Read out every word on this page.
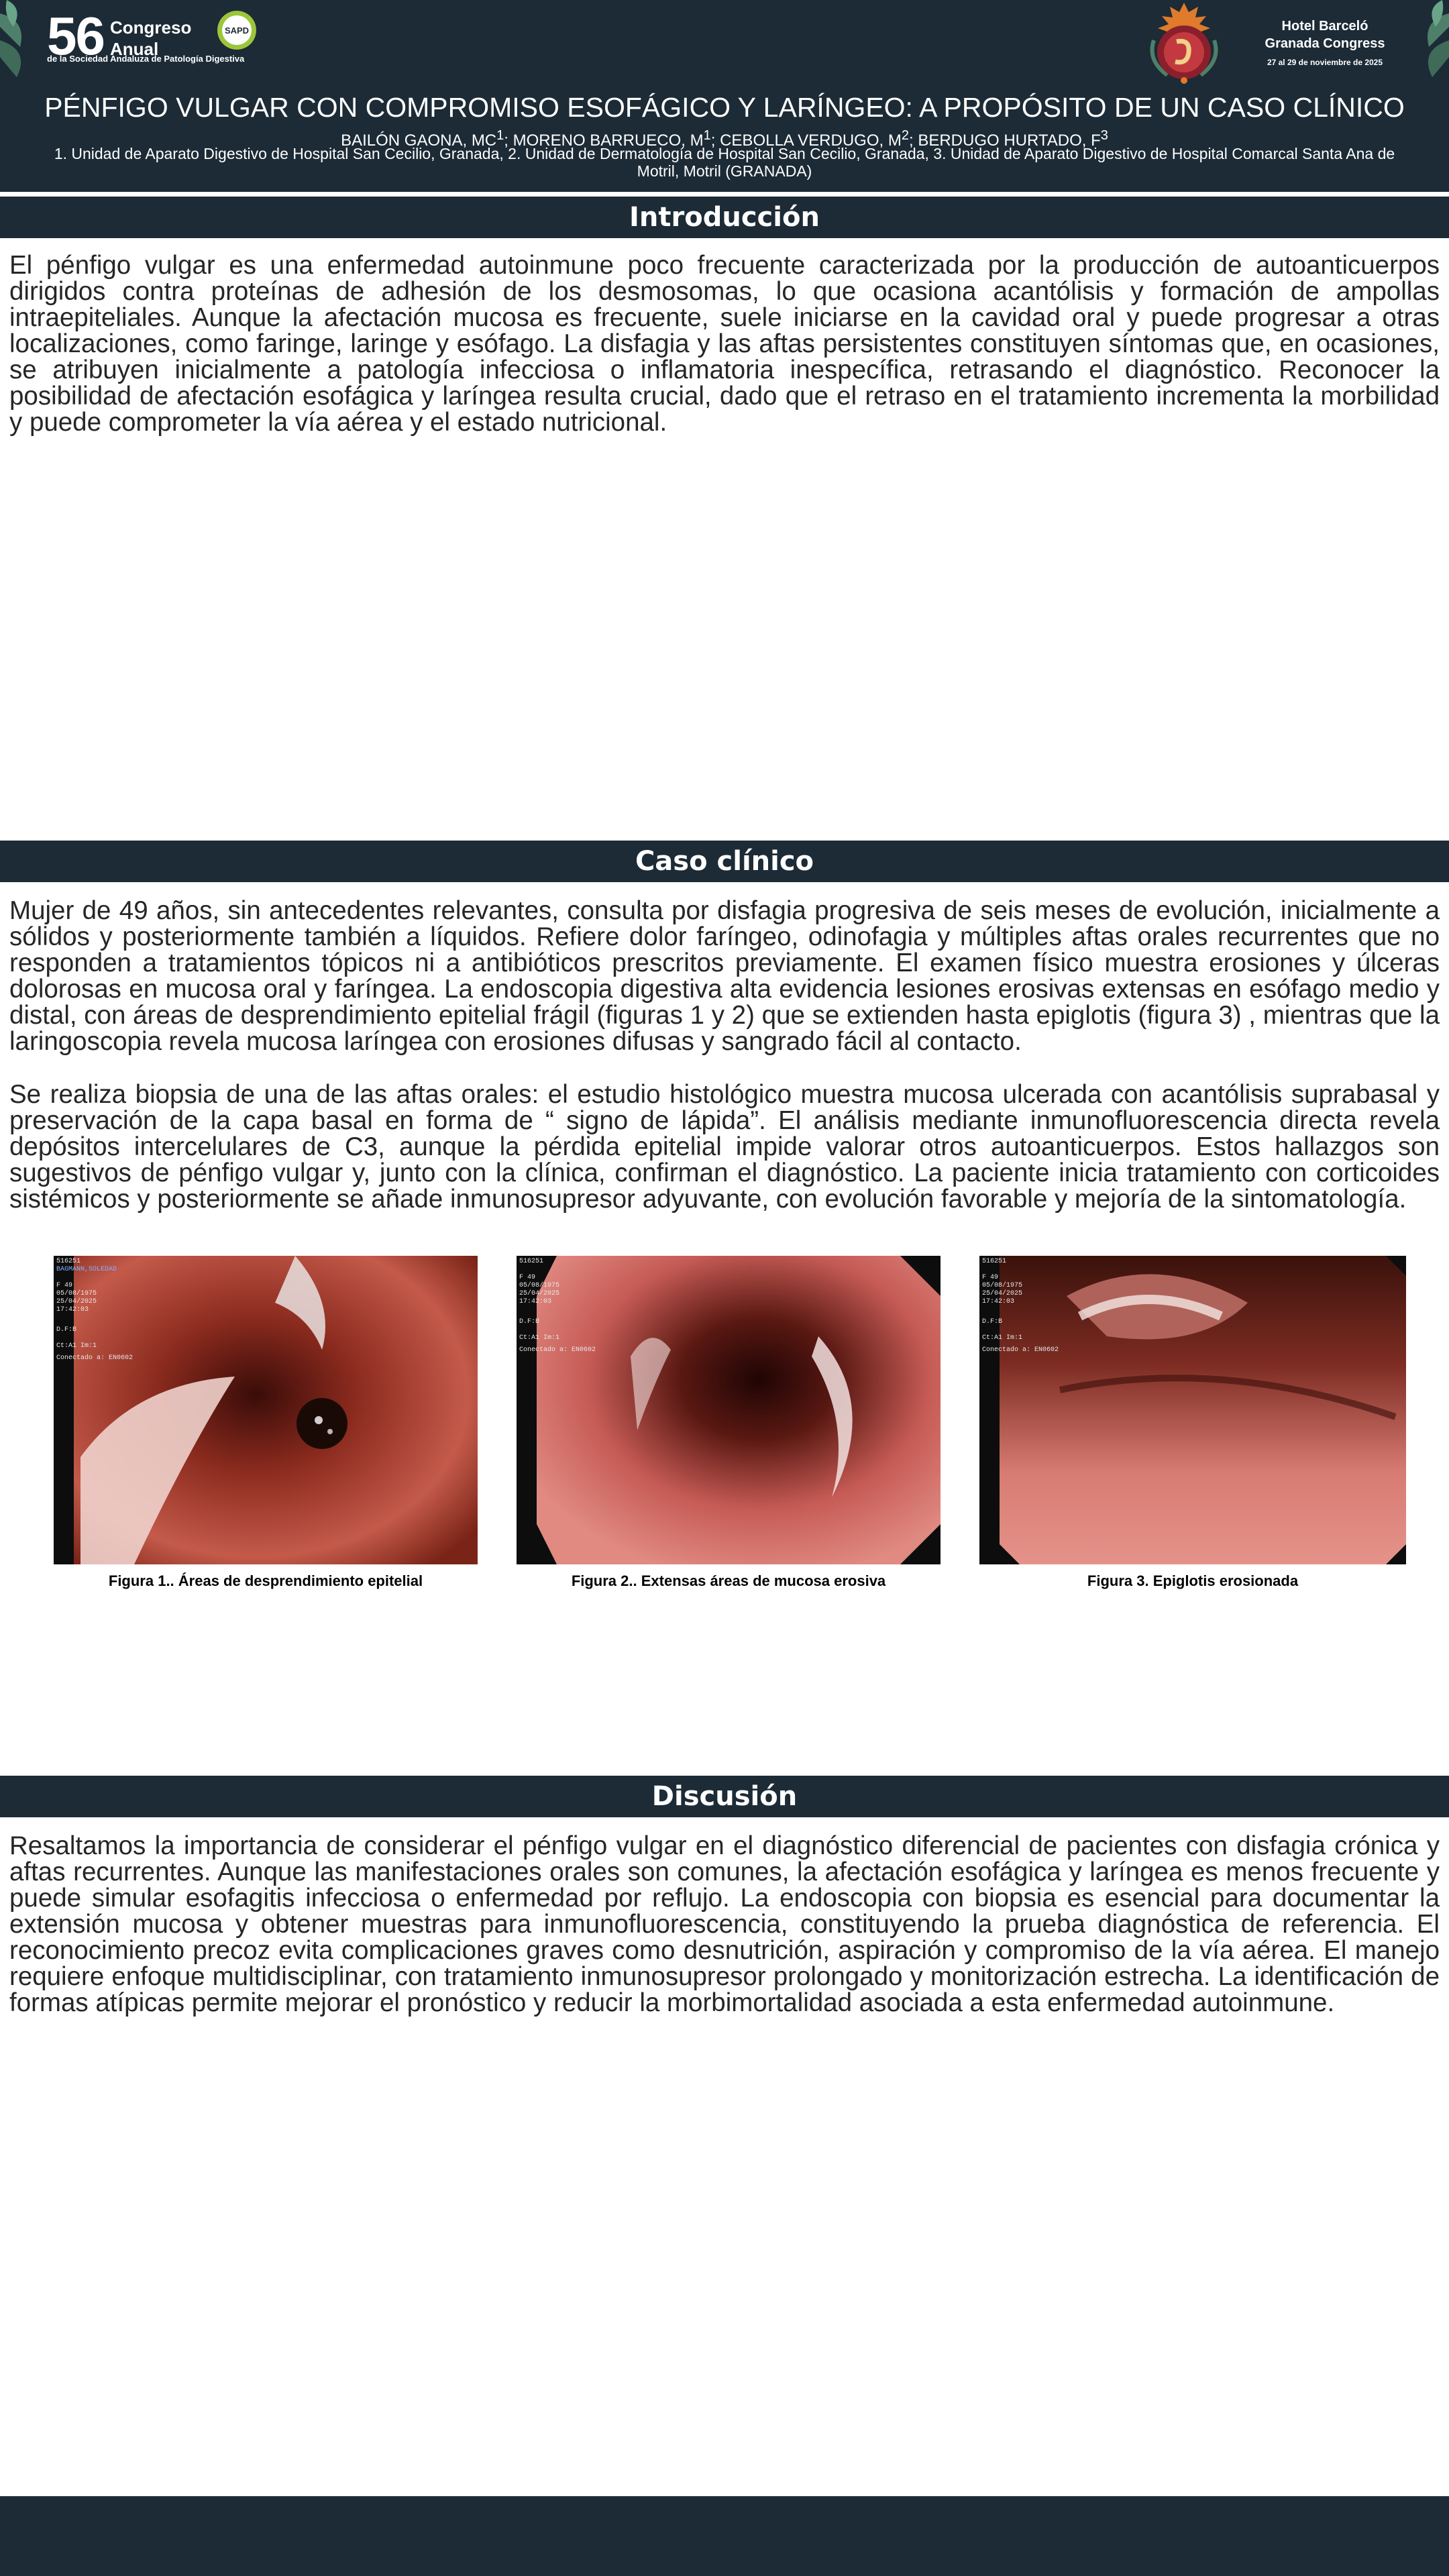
56 Congreso
Anual
de la Sociedad Andaluza de Patología Digestiva
SAPD	Hotel Barceló
Granada Congress
27 al 29 de noviembre de 2025
PÉNFIGO VULGAR CON COMPROMISO ESOFÁGICO Y LARÍNGEO: A PROPÓSITO DE UN CASO CLÍNICO
BAILÓN GAONA, $MC^1$; MORENO BARRUECO, $M^1$; CEBOLLA VERDUGO, $M^2$; BERDUGO HURTADO, $F^3$
1. Unidad de Aparato Digestivo de Hospital San Cecilio, Granada, 2. Unidad de Dermatología de Hospital San Cecilio, Granada, 3. Unidad de Aparato Digestivo de Hospital Comarcal Santa Ana de Motril, Motril (GRANADA)
Introducción

El pénfigo vulgar es una enfermedad autoinmune poco frecuente caracterizada por la producción de autoanticuerpos dirigidos contra proteínas de adhesión de los desmosomas, lo que ocasiona acantólisis y formación de ampollas intraepiteliales. Aunque la afectación mucosa es frecuente, suele iniciarse en la cavidad oral y puede progresar a otras localizaciones, como faringe, laringe y esófago. La disfagia y las aftas persistentes constituyen síntomas que, en ocasiones, se atribuyen inicialmente a patología infecciosa o inflamatoria inespecífica, retrasando el diagnóstico. Reconocer la posibilidad de afectación esofágica y laríngea resulta crucial, dado que el retraso en el tratamiento incrementa la morbilidad y puede comprometer la vía aérea y el estado nutricional.

Caso clínico

Mujer de 49 años, sin antecedentes relevantes, consulta por disfagia progresiva de seis meses de evolución, inicialmente a sólidos y posteriormente también a líquidos. Refiere dolor faríngeo, odinofagia y múltiples aftas orales recurrentes que no responden a tratamientos tópicos ni a antibióticos prescritos previamente. El examen físico muestra erosiones y úlceras dolorosas en mucosa oral y faríngea. La endoscopia digestiva alta evidencia lesiones erosivas extensas en esófago medio y distal, con áreas de desprendimiento epitelial frágil (figuras 1 y 2) que se extienden hasta epiglotis (figura 3) , mientras que la laringoscopia revela mucosa laríngea con erosiones difusas y sangrado fácil al contacto.

Se realiza biopsia de una de las aftas orales: el estudio histológico muestra mucosa ulcerada con acantólisis suprabasal y preservación de la capa basal en forma de “ signo de lápida”. El análisis mediante inmunofluorescencia directa revela depósitos intercelulares de C3, aunque la pérdida epitelial impide valorar otros autoanticuerpos. Estos hallazgos son sugestivos de pénfigo vulgar y, junto con la clínica, confirman el diagnóstico. La paciente inicia tratamiento con corticoides sistémicos y posteriormente se añade inmunosupresor adyuvante, con evolución favorable y mejoría de la sintomatología.

516251 BAGMANN,SOLEDAD F 49 05/08/1975 25/04/2025 17:42:03 D.F:B Ct:A1 Im:1 Conectado a: EN0602
Figura 1.. Áreas de desprendimiento epitelial
516251 F 49 05/08/1975 25/04/2025 17:42:03 D.F:B Ct:A1 Im:1 Conectado a: EN0602
Figura 2.. Extensas áreas de mucosa erosiva
516251 F 49 05/08/1975 25/04/2025 17:42:03 D.F:B Ct:A1 Im:1 Conectado a: EN0602
Figura 3. Epiglotis erosionada
Discusión

Resaltamos la importancia de considerar el pénfigo vulgar en el diagnóstico diferencial de pacientes con disfagia crónica y aftas recurrentes. Aunque las manifestaciones orales son comunes, la afectación esofágica y laríngea es menos frecuente y puede simular esofagitis infecciosa o enfermedad por reflujo. La endoscopia con biopsia es esencial para documentar la extensión mucosa y obtener muestras para inmunofluorescencia, constituyendo la prueba diagnóstica de referencia. El reconocimiento precoz evita complicaciones graves como desnutrición, aspiración y compromiso de la vía aérea. El manejo requiere enfoque multidisciplinar, con tratamiento inmunosupresor prolongado y monitorización estrecha. La identificación de formas atípicas permite mejorar el pronóstico y reducir la morbimortalidad asociada a esta enfermedad autoinmune.
